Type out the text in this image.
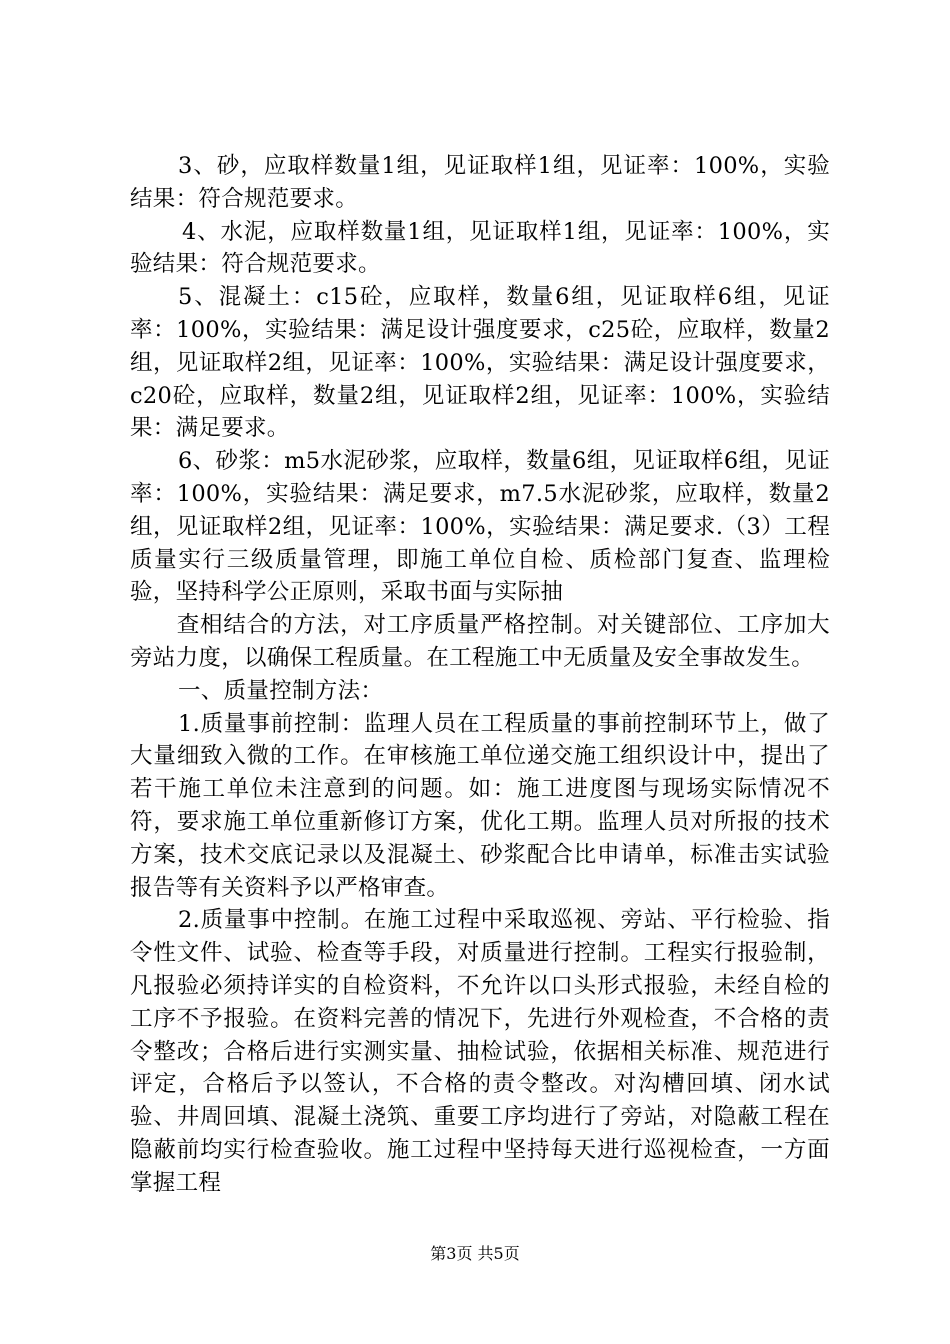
3、砂，应取样数量1组，见证取样1组，见证率：100%，实验结果：符合规范要求。

4、水泥，应取样数量1组，见证取样1组，见证率：100%，实验结果：符合规范要求。

5、混凝土：c15砼，应取样，数量6组，见证取样6组，见证率：100%，实验结果：满足设计强度要求，c25砼，应取样，数量2组，见证取样2组，见证率：100%，实验结果：满足设计强度要求，c20砼，应取样，数量2组，见证取样2组，见证率：100%，实验结果：满足要求。

6、砂浆：m5水泥砂浆，应取样，数量6组，见证取样6组，见证率：100%，实验结果：满足要求，m7.5水泥砂浆，应取样，数量2组，见证取样2组，见证率：100%，实验结果：满足要求.（3）工程质量实行三级质量管理，即施工单位自检、质检部门复查、监理检验，坚持科学公正原则，采取书面与实际抽

　　查相结合的方法，对工序质量严格控制。对关键部位、工序加大旁站力度，以确保工程质量。在工程施工中无质量及安全事故发生。

一、质量控制方法：

1.质量事前控制：监理人员在工程质量的事前控制环节上，做了大量细致入微的工作。在审核施工单位递交施工组织设计中，提出了若干施工单位未注意到的问题。如：施工进度图与现场实际情况不符，要求施工单位重新修订方案，优化工期。监理人员对所报的技术方案，技术交底记录以及混凝土、砂浆配合比申请单，标准击实试验报告等有关资料予以严格审查。

2.质量事中控制。在施工过程中采取巡视、旁站、平行检验、指令性文件、试验、检查等手段，对质量进行控制。工程实行报验制，凡报验必须持详实的自检资料，不允许以口头形式报验，未经自检的工序不予报验。在资料完善的情况下，先进行外观检查，不合格的责令整改；合格后进行实测实量、抽检试验，依据相关标准、规范进行评定，合格后予以签认，不合格的责令整改。对沟槽回填、闭水试验、井周回填、混凝土浇筑、重要工序均进行了旁站，对隐蔽工程在隐蔽前均实行检查验收。施工过程中坚持每天进行巡视检查，一方面掌握工程

第3页 共5页
